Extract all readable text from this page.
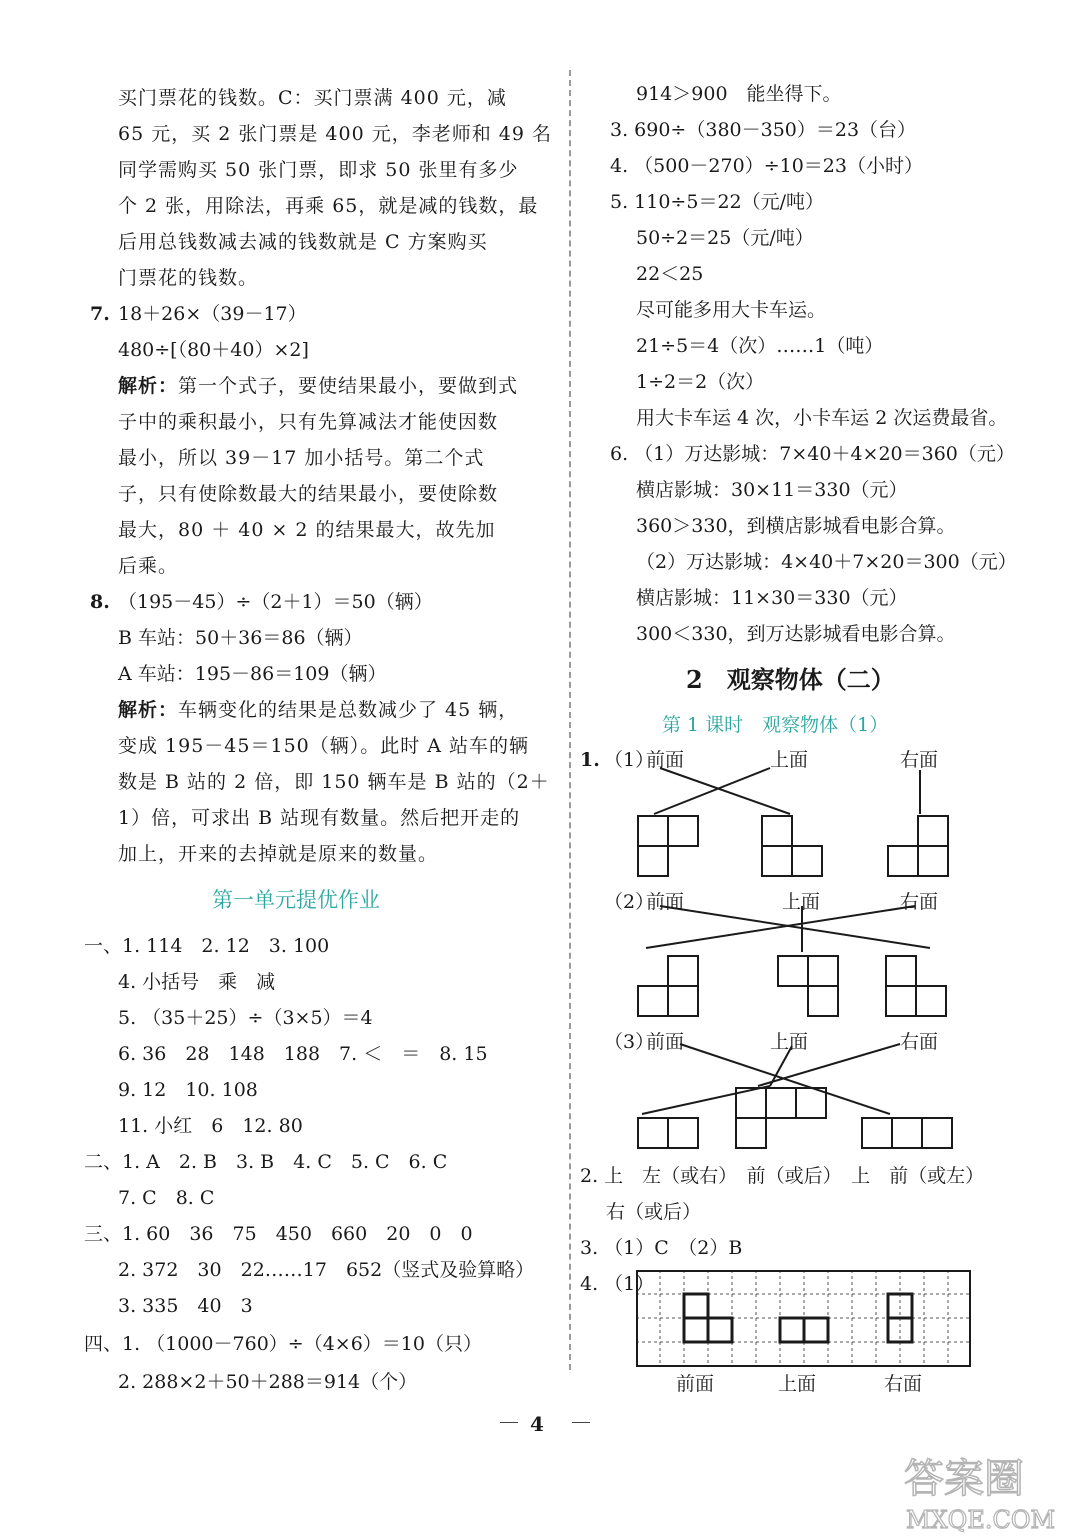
买门票花的钱数。C：买门票满 400 元，减
65 元，买 2 张门票是 400 元，李老师和 49 名
同学需购买 50 张门票，即求 50 张里有多少
个 2 张，用除法，再乘 65，就是减的钱数，最
后用总钱数减去减的钱数就是 C 方案购买
门票花的钱数。
7. 18＋26×（39－17）
480÷[（80＋40）×2]
解析：第一个式子，要使结果最小，要做到式
子中的乘积最小，只有先算减法才能使因数
最小，所以 39－17 加小括号。第二个式
子，只有使除数最大的结果最小，要使除数
最大，80 ＋ 40 × 2 的结果最大，故先加
后乘。
8. （195－45）÷（2＋1）＝50（辆）
B 车站：50＋36＝86（辆）
A 车站：195－86＝109（辆）
解析：车辆变化的结果是总数减少了 45 辆，
变成 195－45＝150（辆）。此时 A 站车的辆
数是 B 站的 2 倍，即 150 辆车是 B 站的（2＋
1）倍，可求出 B 站现有数量。然后把开走的
加上，开来的去掉就是原来的数量。
第一单元提优作业
一、1. 114　2. 12　3. 100
4. 小括号　乘　减
5. （35＋25）÷（3×5）＝4
6. 36　28　148　188　7. ＜　＝　8. 15
9. 12　10. 108
11. 小红　6　12. 80
二、1. A　2. B　3. B　4. C　5. C　6. C
7. C　8. C
三、1. 60　36　75　450　660　20　0　0
2. 372　30　22……17　652（竖式及验算略）
3. 335　40　3
四、1. （1000－760）÷（4×6）＝10（只）
2. 288×2＋50＋288＝914（个）
914＞900　能坐得下。
3. 690÷（380－350）＝23（台）
4. （500－270）÷10＝23（小时）
5. 110÷5＝22（元/吨）
50÷2＝25（元/吨）
22＜25
尽可能多用大卡车运。
21÷5＝4（次）……1（吨）
1÷2＝2（次）
用大卡车运 4 次，小卡车运 2 次运费最省。
6. （1）万达影城：7×40＋4×20＝360（元）
横店影城：30×11＝330（元）
360＞330，到横店影城看电影合算。
（2）万达影城：4×40＋7×20＝300（元）
横店影城：11×30＝330（元）
300＜330，到万达影城看电影合算。
2　观察物体（二）
第 1 课时　观察物体（1）
1. （1）
前面	上面	右面
（2）
前面	上面	右面
（3）
前面	上面	右面
2. 上　左（或右）　前（或后）　上　前（或左）
右（或后）
3. （1）C　（2）B
4. （1）
前面	上面	右面
4
答案圈
MXQE.COM
